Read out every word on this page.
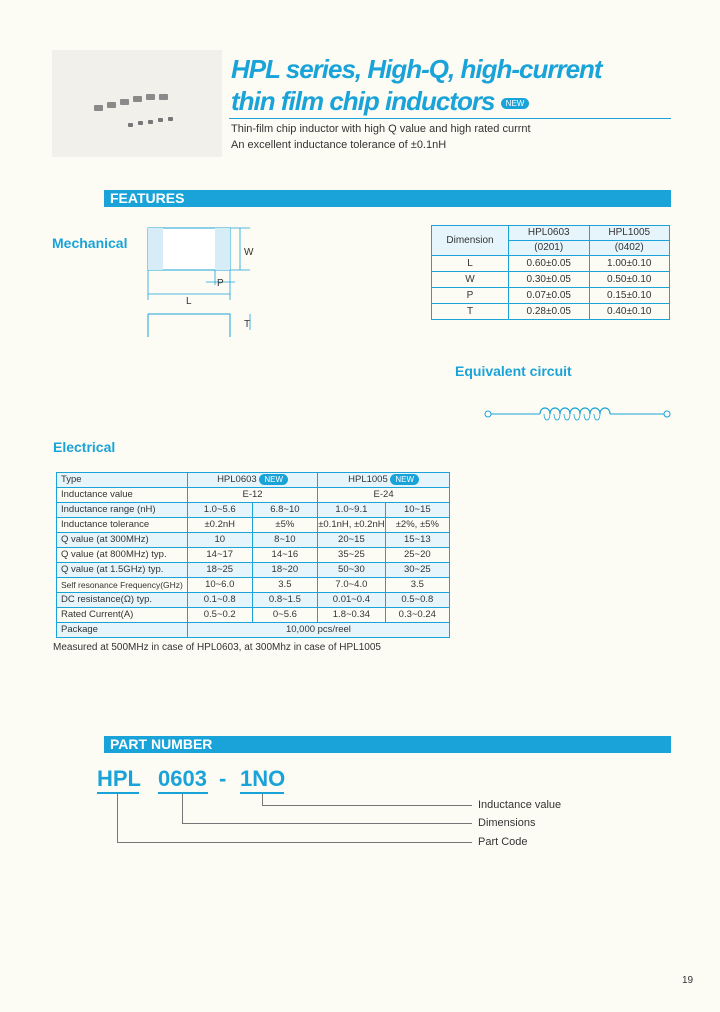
HPL series, High-Q, high-current
thin film chip inductors NEW
Thin-film chip inductor with high Q value and high rated currnt
An excellent inductance tolerance of ±0.1nH
FEATURES
Mechanical
W
P
L
T
Dimension	HPL0603	HPL1005
	(0201)	(0402)
L	0.60±0.05	1.00±0.10
W	0.30±0.05	0.50±0.10
P	0.07±0.05	0.15±0.10
T	0.28±0.05	0.40±0.10
Equivalent circuit
Electrical
Type	HPL0603 NEW		HPL1005 NEW	
Inductance value	E-12		E-24	
Inductance range (nH)	1.0~5.6	6.8~10	1.0~9.1	10~15
Inductance tolerance	±0.2nH	±5%	±0.1nH, ±0.2nH	±2%, ±5%
Q value (at 300MHz)	10	8~10	20~15	15~13
Q value (at 800MHz) typ.	14~17	14~16	35~25	25~20
Q value (at 1.5GHz) typ.	18~25	18~20	50~30	30~25
Self resonance Frequency(GHz)	10~6.0	3.5	7.0~4.0	3.5
DC resistance(Ω) typ.	0.1~0.8	0.8~1.5	0.01~0.4	0.5~0.8
Rated Current(A)	0.5~0.2	0~5.6	1.8~0.34	0.3~0.24
Package	10,000 pcs/reel			
Measured at 500MHz in case of HPL0603, at 300Mhz in case of HPL1005
PART NUMBER
HPL 0603 - 1NO
Inductance value
Dimensions
Part Code
19
